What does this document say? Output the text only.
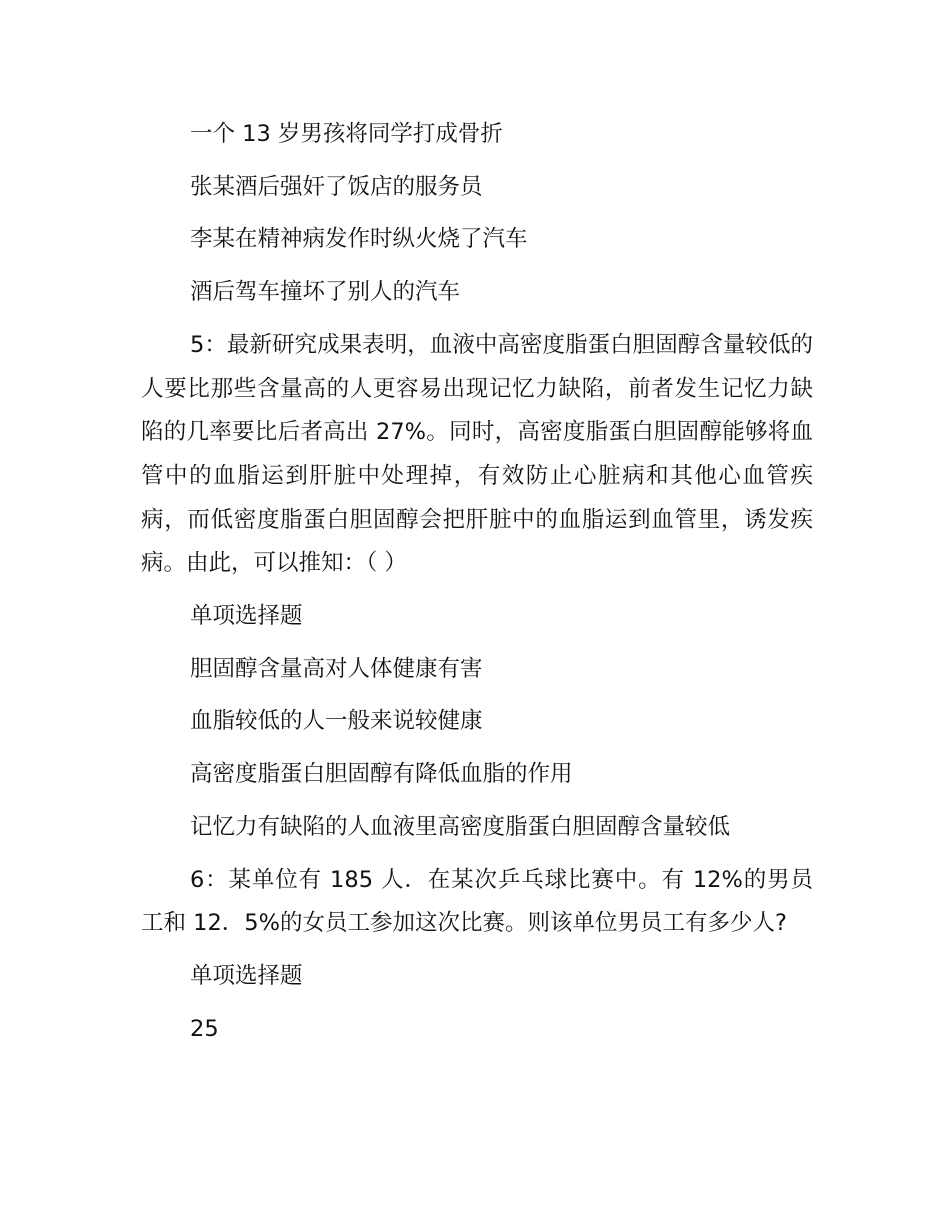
一个 13 岁男孩将同学打成骨折

张某酒后强奸了饭店的服务员

李某在精神病发作时纵火烧了汽车

酒后驾车撞坏了别人的汽车

5：最新研究成果表明，血液中高密度脂蛋白胆固醇含量较低的人要比那些含量高的人更容易出现记忆力缺陷，前者发生记忆力缺陷的几率要比后者高出 27%。同时，高密度脂蛋白胆固醇能够将血管中的血脂运到肝脏中处理掉，有效防止心脏病和其他心血管疾病，而低密度脂蛋白胆固醇会把肝脏中的血脂运到血管里，诱发疾病。由此，可以推知：（ ）

单项选择题

胆固醇含量高对人体健康有害

血脂较低的人一般来说较健康

高密度脂蛋白胆固醇有降低血脂的作用

记忆力有缺陷的人血液里高密度脂蛋白胆固醇含量较低

6：某单位有 185 人．在某次乒乓球比赛中。有 12%的男员工和 12．5%的女员工参加这次比赛。则该单位男员工有多少人?

单项选择题

25
